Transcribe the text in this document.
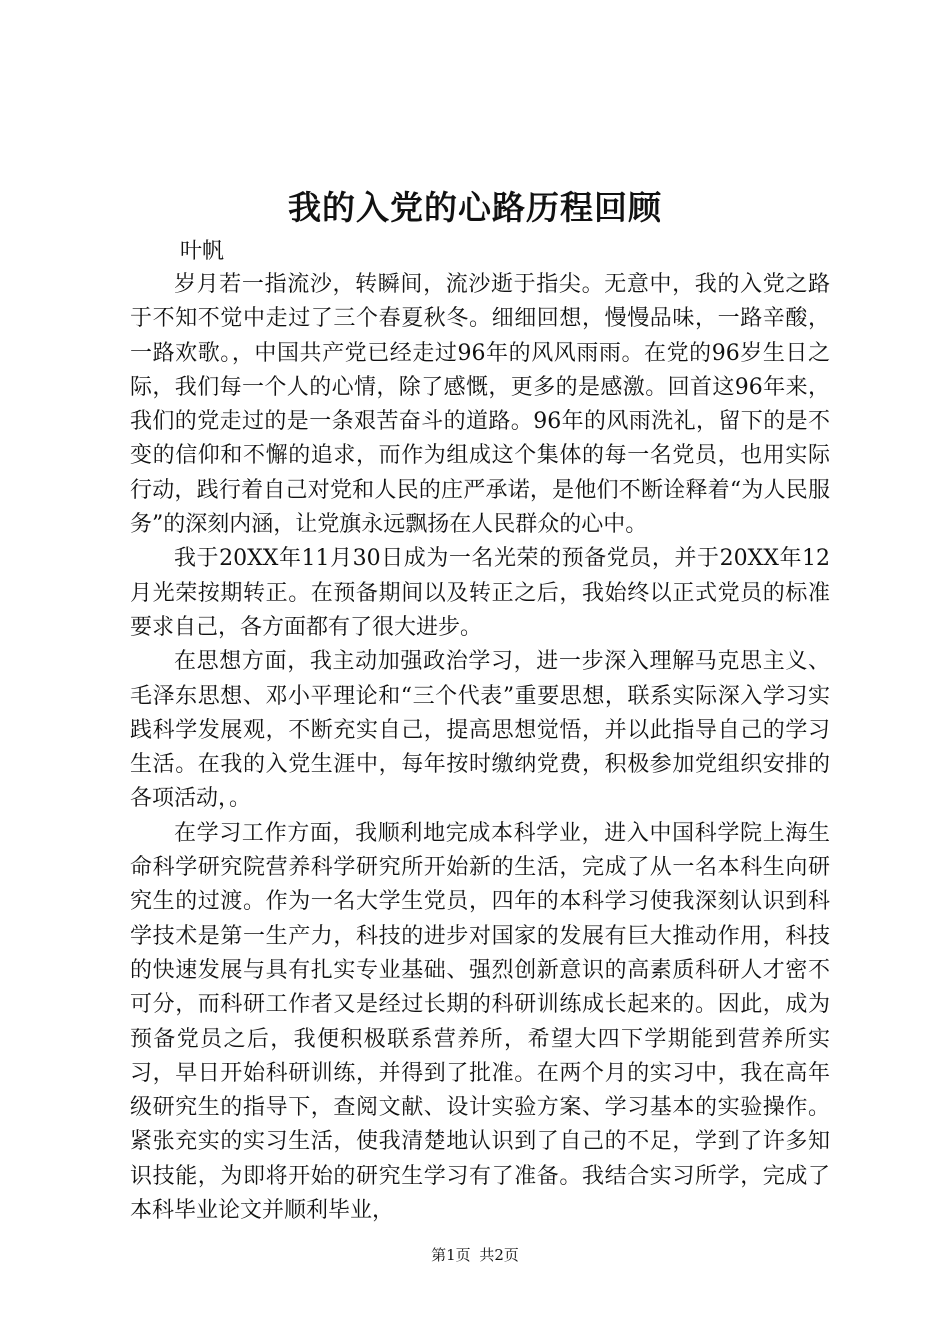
我的入党的心路历程回顾
叶帆

岁月若一指流沙，转瞬间，流沙逝于指尖。无意中，我的入党之路于不知不觉中走过了三个春夏秋冬。细细回想，慢慢品味，一路辛酸，一路欢歌。，中国共产党已经走过96年的风风雨雨。在党的96岁生日之际，我们每一个人的心情，除了感慨，更多的是感激。回首这96年来，我们的党走过的是一条艰苦奋斗的道路。96年的风雨洗礼，留下的是不变的信仰和不懈的追求，而作为组成这个集体的每一名党员，也用实际行动，践行着自己对党和人民的庄严承诺，是他们不断诠释着“为人民服务”的深刻内涵，让党旗永远飘扬在人民群众的心中。

我于20XX年11月30日成为一名光荣的预备党员，并于20XX年12月光荣按期转正。在预备期间以及转正之后，我始终以正式党员的标准要求自己，各方面都有了很大进步。

在思想方面，我主动加强政治学习，进一步深入理解马克思主义、毛泽东思想、邓小平理论和“三个代表”重要思想，联系实际深入学习实践科学发展观，不断充实自己，提高思想觉悟，并以此指导自己的学习生活。在我的入党生涯中，每年按时缴纳党费，积极参加党组织安排的各项活动，。

在学习工作方面，我顺利地完成本科学业，进入中国科学院上海生命科学研究院营养科学研究所开始新的生活，完成了从一名本科生向研究生的过渡。作为一名大学生党员，四年的本科学习使我深刻认识到科学技术是第一生产力，科技的进步对国家的发展有巨大推动作用，科技的快速发展与具有扎实专业基础、强烈创新意识的高素质科研人才密不可分，而科研工作者又是经过长期的科研训练成长起来的。因此，成为预备党员之后，我便积极联系营养所，希望大四下学期能到营养所实习，早日开始科研训练，并得到了批准。在两个月的实习中，我在高年级研究生的指导下，查阅文献、设计实验方案、学习基本的实验操作。紧张充实的实习生活，使我清楚地认识到了自己的不足，学到了许多知识技能，为即将开始的研究生学习有了准备。我结合实习所学，完成了本科毕业论文并顺利毕业，

第1页 共2页
